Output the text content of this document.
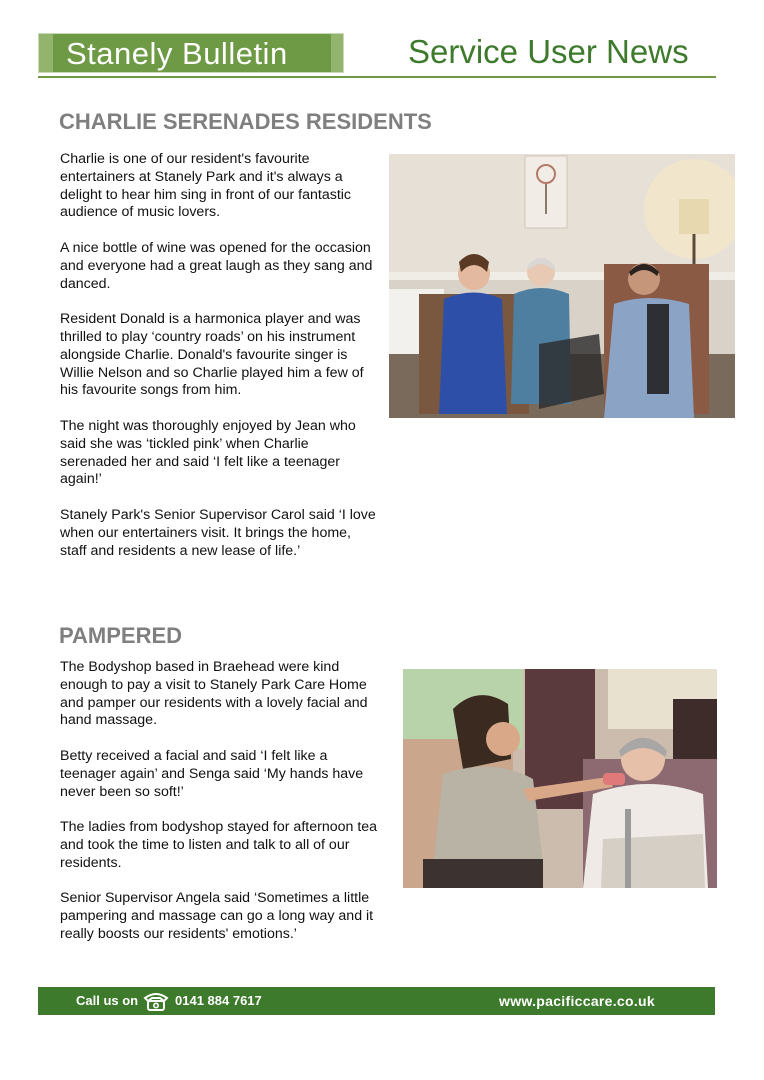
Stanely Bulletin	Service User News
CHARLIE SERENADES RESIDENTS

Charlie is one of our resident's favourite entertainers at Stanely Park and it's always a delight to hear him sing in front of our fantastic audience of music lovers.

A nice bottle of wine was opened for the occasion and everyone had a great laugh as they sang and danced.

Resident Donald is a harmonica player and was thrilled to play ‘country roads’ on his instrument alongside Charlie. Donald's favourite singer is Willie Nelson and so Charlie played him a few of his favourite songs from him.

The night was thoroughly enjoyed by Jean who said she was ‘tickled pink’ when Charlie serenaded her and said ‘I felt like a teenager again!’

Stanely Park's Senior Supervisor Carol said ‘I love when our entertainers visit. It brings the home, staff and residents a new lease of life.’

PAMPERED

The Bodyshop based in Braehead were kind enough to pay a visit to Stanely Park Care Home and pamper our residents with a lovely facial and hand massage.

Betty received a facial and said ‘I felt like a teenager again’ and Senga said ‘My hands have never been so soft!’

The ladies from bodyshop stayed for afternoon tea and took the time to listen and talk to all of our residents.

Senior Supervisor Angela said ‘Sometimes a little pampering and massage can go a long way and it really boosts our residents' emotions.’

Call us on	0141 884 7617	www.pacificcare.co.uk
